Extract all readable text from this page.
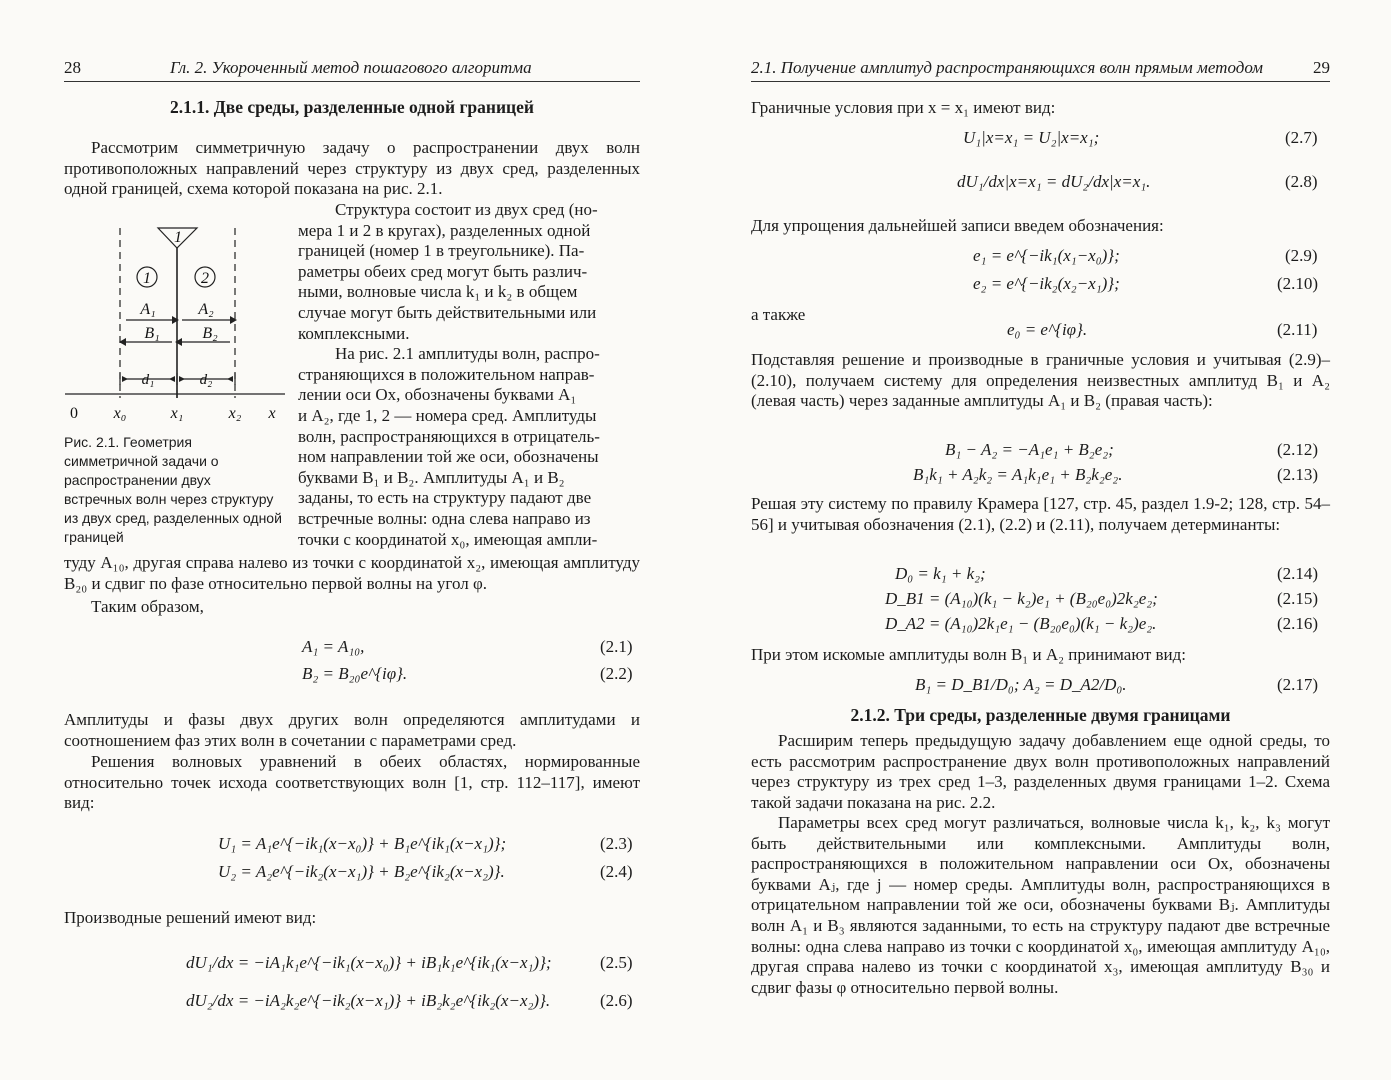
28	Гл. 2. Укороченный метод пошагового алгоритма
2.1.1. Две среды, разделенные одной границей
Рассмотрим симметричную задачу о распространении двух волн противоположных направлений через структуру из двух сред, разделенных одной границей, схема которой показана на рис. 2.1.
1
1	2
A₁	A₂
B₁	B₂
d₁	d₂
0 x₀	x₁	x₂ x
Рис. 2.1. Геометрия симметричной задачи о распространении двух встречных волн через структуру из двух сред, разделенных одной границей
Структура состоит из двух сред (но-
мера 1 и 2 в кругах), разделенных одной
границей (номер 1 в треугольнике). Па-
раметры обеих сред могут быть различ-
ными, волновые числа k₁ и k₂ в общем
случае могут быть действительными или
комплексными.
На рис. 2.1 амплитуды волн, распро-
страняющихся в положительном направ-
лении оси Ox, обозначены буквами A₁
и A₂, где 1, 2 — номера сред. Амплитуды
волн, распространяющихся в отрицатель-
ном направлении той же оси, обозначены
буквами B₁ и B₂. Амплитуды A₁ и B₂
заданы, то есть на структуру падают две
встречные волны: одна слева направо из
точки с координатой x₀, имеющая ампли-
туду A₁₀, другая справа налево из точки с координатой x₂, имеющая амплитуду B₂₀ и сдвиг по фазе относительно первой волны на угол φ.
Таким образом,
A₁ = A₁₀,	(2.1)
B₂ = B₂₀e^{iφ}.	(2.2)
Амплитуды и фазы двух других волн определяются амплитудами и соотношением фаз этих волн в сочетании с параметрами сред.
Решения волновых уравнений в обеих областях, нормированные относительно точек исхода соответствующих волн [1, стр. 112–117], имеют вид:
U₁ = A₁e^{−ik₁(x−x₀)} + B₁e^{ik₁(x−x₁)};	(2.3)
U₂ = A₂e^{−ik₂(x−x₁)} + B₂e^{ik₂(x−x₂)}.	(2.4)
Производные решений имеют вид:
dU₁/dx = −iA₁k₁e^{−ik₁(x−x₀)} + iB₁k₁e^{ik₁(x−x₁)};	(2.5)
dU₂/dx = −iA₂k₂e^{−ik₂(x−x₁)} + iB₂k₂e^{ik₂(x−x₂)}.	(2.6)
2.1. Получение амплитуд распространяющихся волн прямым методом	29
Граничные условия при x = x₁ имеют вид:
U₁|x=x₁ = U₂|x=x₁;	(2.7)
dU₁/dx|x=x₁ = dU₂/dx|x=x₁.	(2.8)
Для упрощения дальнейшей записи введем обозначения:
e₁ = e^{−ik₁(x₁−x₀)};	(2.9)
e₂ = e^{−ik₂(x₂−x₁)};	(2.10)
а также
e₀ = e^{iφ}.	(2.11)
Подставляя решение и производные в граничные условия и учитывая (2.9)–(2.10), получаем систему для определения неизвестных амплитуд B₁ и A₂ (левая часть) через заданные амплитуды A₁ и B₂ (правая часть):
B₁ − A₂ = −A₁e₁ + B₂e₂;	(2.12)
B₁k₁ + A₂k₂ = A₁k₁e₁ + B₂k₂e₂.	(2.13)
Решая эту систему по правилу Крамера [127, стр. 45, раздел 1.9-2; 128, стр. 54–56] и учитывая обозначения (2.1), (2.2) и (2.11), получаем детерминанты:
D₀ = k₁ + k₂;	(2.14)
D_B1 = (A₁₀)(k₁ − k₂)e₁ + (B₂₀e₀)2k₂e₂;	(2.15)
D_A2 = (A₁₀)2k₁e₁ − (B₂₀e₀)(k₁ − k₂)e₂.	(2.16)
При этом искомые амплитуды волн B₁ и A₂ принимают вид:
B₁ = D_B1/D₀; A₂ = D_A2/D₀.	(2.17)
2.1.2. Три среды, разделенные двумя границами
Расширим теперь предыдущую задачу добавлением еще одной среды, то есть рассмотрим распространение двух волн противоположных направлений через структуру из трех сред 1–3, разделенных двумя границами 1–2. Схема такой задачи показана на рис. 2.2.
Параметры всех сред могут различаться, волновые числа k₁, k₂, k₃ могут быть действительными или комплексными. Амплитуды волн, распространяющихся в положительном направлении оси Ox, обозначены буквами Aⱼ, где j — номер среды. Амплитуды волн, распространяющихся в отрицательном направлении той же оси, обозначены буквами Bⱼ. Амплитуды волн A₁ и B₃ являются заданными, то есть на структуру падают две встречные волны: одна слева направо из точки с координатой x₀, имеющая амплитуду A₁₀, другая справа налево из точки с координатой x₃, имеющая амплитуду B₃₀ и сдвиг фазы φ относительно первой волны.
